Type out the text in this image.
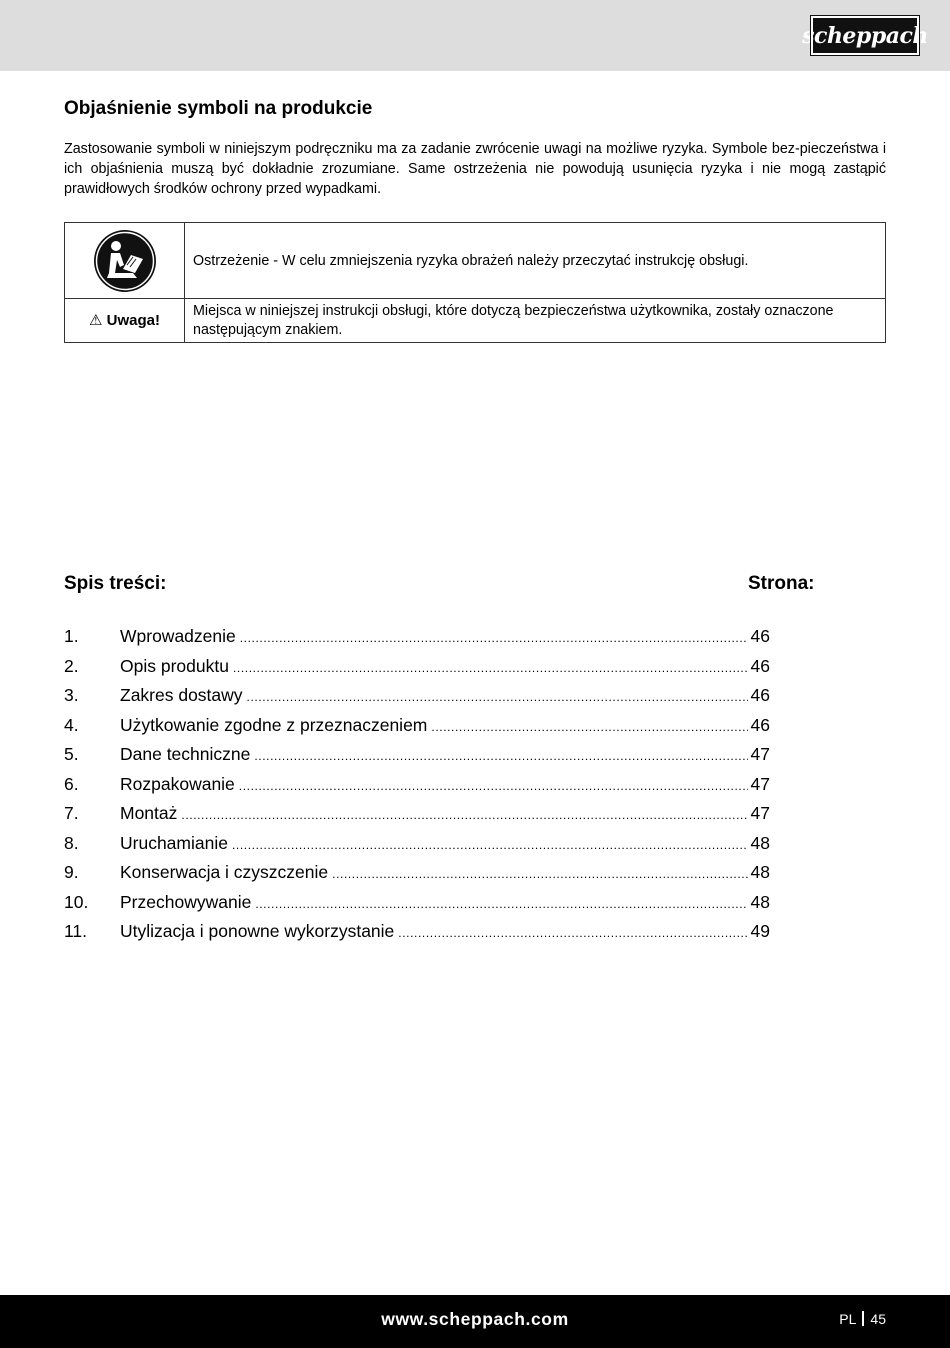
scheppach
Objaśnienie symboli na produkcie

Zastosowanie symboli w niniejszym podręczniku ma za zadanie zwrócenie uwagi na możliwe ryzyka. Symbole bez-pieczeństwa i ich objaśnienia muszą być dokładnie zrozumiane. Same ostrzeżenia nie powodują usunięcia ryzyka i nie mogą zastąpić prawidłowych środków ochrony przed wypadkami.

	Ostrzeżenie - W celu zmniejszenia ryzyka obrażeń należy przeczytać instrukcję obsługi.
⚠ Uwaga!	Miejsca w niniejszej instrukcji obsługi, które dotyczą bezpieczeństwa użytkownika, zostały oznaczone następującym znakiem.
Spis treści:	Strona:
1.	Wprowadzenie .....	46
2.	Opis produktu .....	46
3.	Zakres dostawy .....	46
4.	Użytkowanie zgodne z przeznaczeniem .....	46
5.	Dane techniczne .....	47
6.	Rozpakowanie .....	47
7.	Montaż .....	47
8.	Uruchamianie .....	48
9.	Konserwacja i czyszczenie .....	48
10.	Przechowywanie .....	48
11.	Utylizacja i ponowne wykorzystanie .....	49
www.scheppach.com	PL 45
